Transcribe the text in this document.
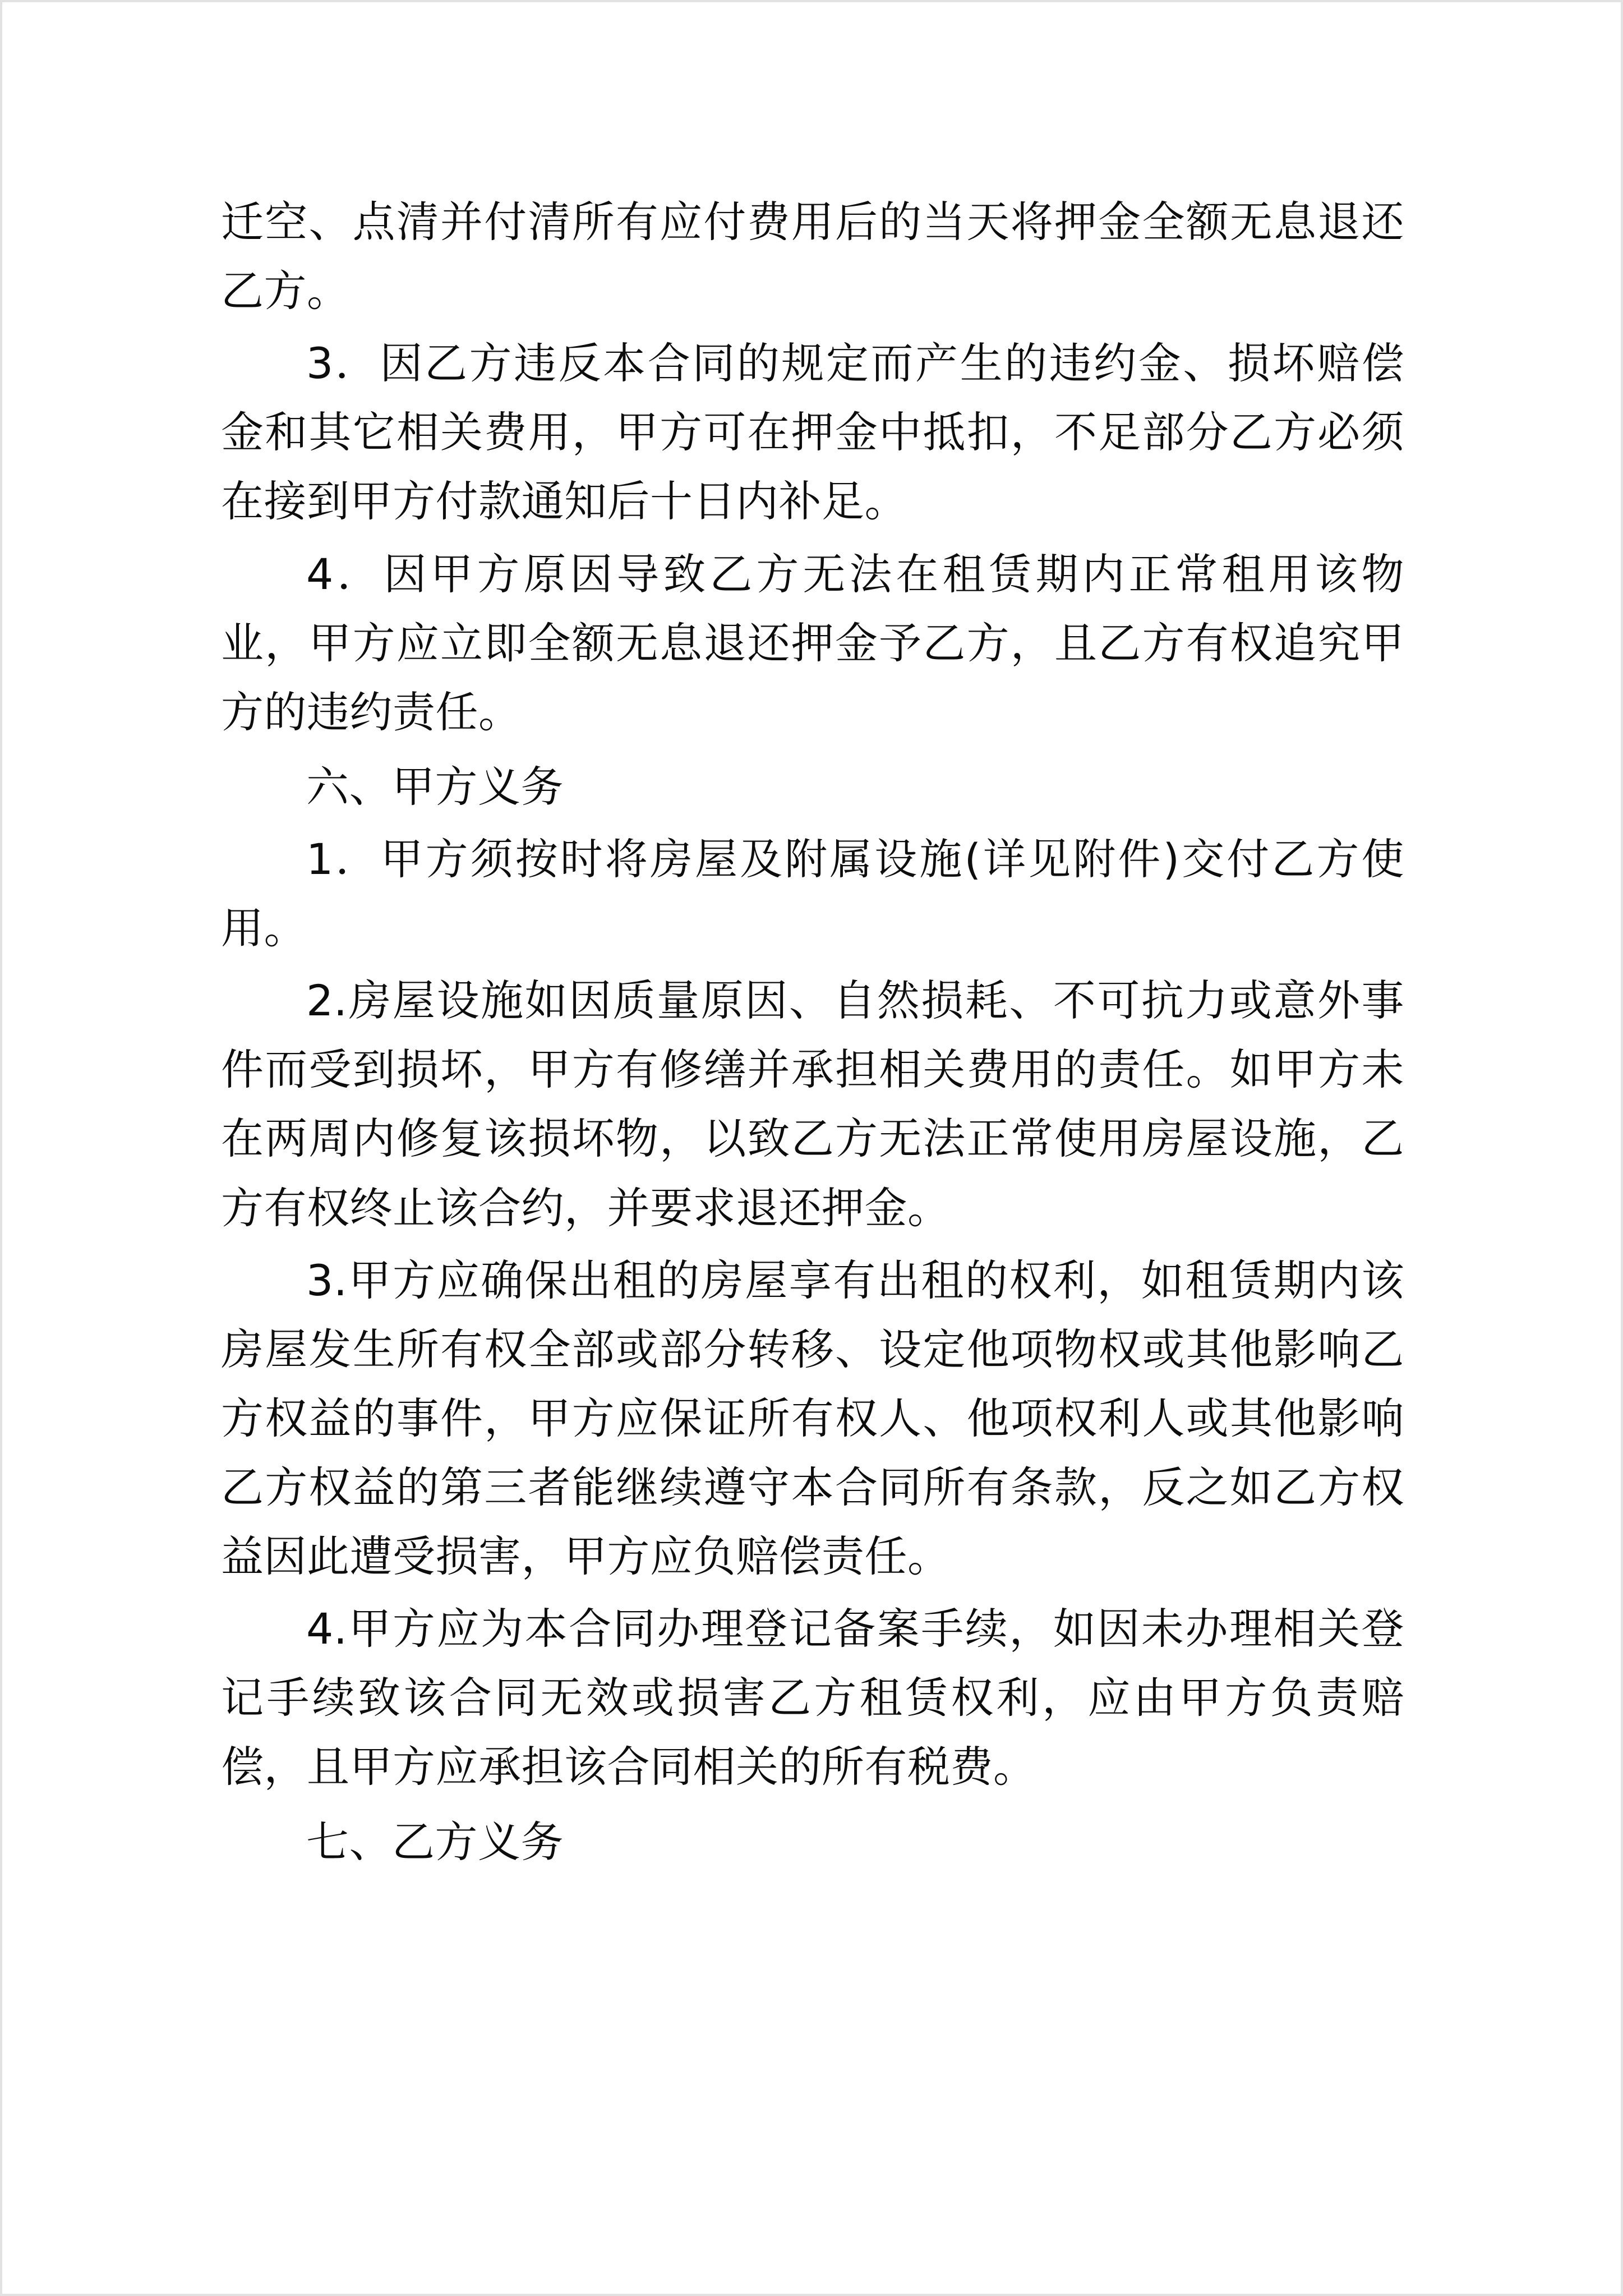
迁空、点清并付清所有应付费用后的当天将押金全额无息退还乙方。

3．因乙方违反本合同的规定而产生的违约金、损坏赔偿金和其它相关费用，甲方可在押金中抵扣，不足部分乙方必须在接到甲方付款通知后十日内补足。

4．因甲方原因导致乙方无法在租赁期内正常租用该物业，甲方应立即全额无息退还押金予乙方，且乙方有权追究甲方的违约责任。

六、甲方义务

1．甲方须按时将房屋及附属设施(详见附件)交付乙方使用。

2.房屋设施如因质量原因、自然损耗、不可抗力或意外事件而受到损坏，甲方有修缮并承担相关费用的责任。如甲方未在两周内修复该损坏物，以致乙方无法正常使用房屋设施，乙方有权终止该合约，并要求退还押金。

3.甲方应确保出租的房屋享有出租的权利，如租赁期内该房屋发生所有权全部或部分转移、设定他项物权或其他影响乙方权益的事件，甲方应保证所有权人、他项权利人或其他影响乙方权益的第三者能继续遵守本合同所有条款，反之如乙方权益因此遭受损害，甲方应负赔偿责任。

4.甲方应为本合同办理登记备案手续，如因未办理相关登记手续致该合同无效或损害乙方租赁权利，应由甲方负责赔偿，且甲方应承担该合同相关的所有税费。

七、乙方义务
